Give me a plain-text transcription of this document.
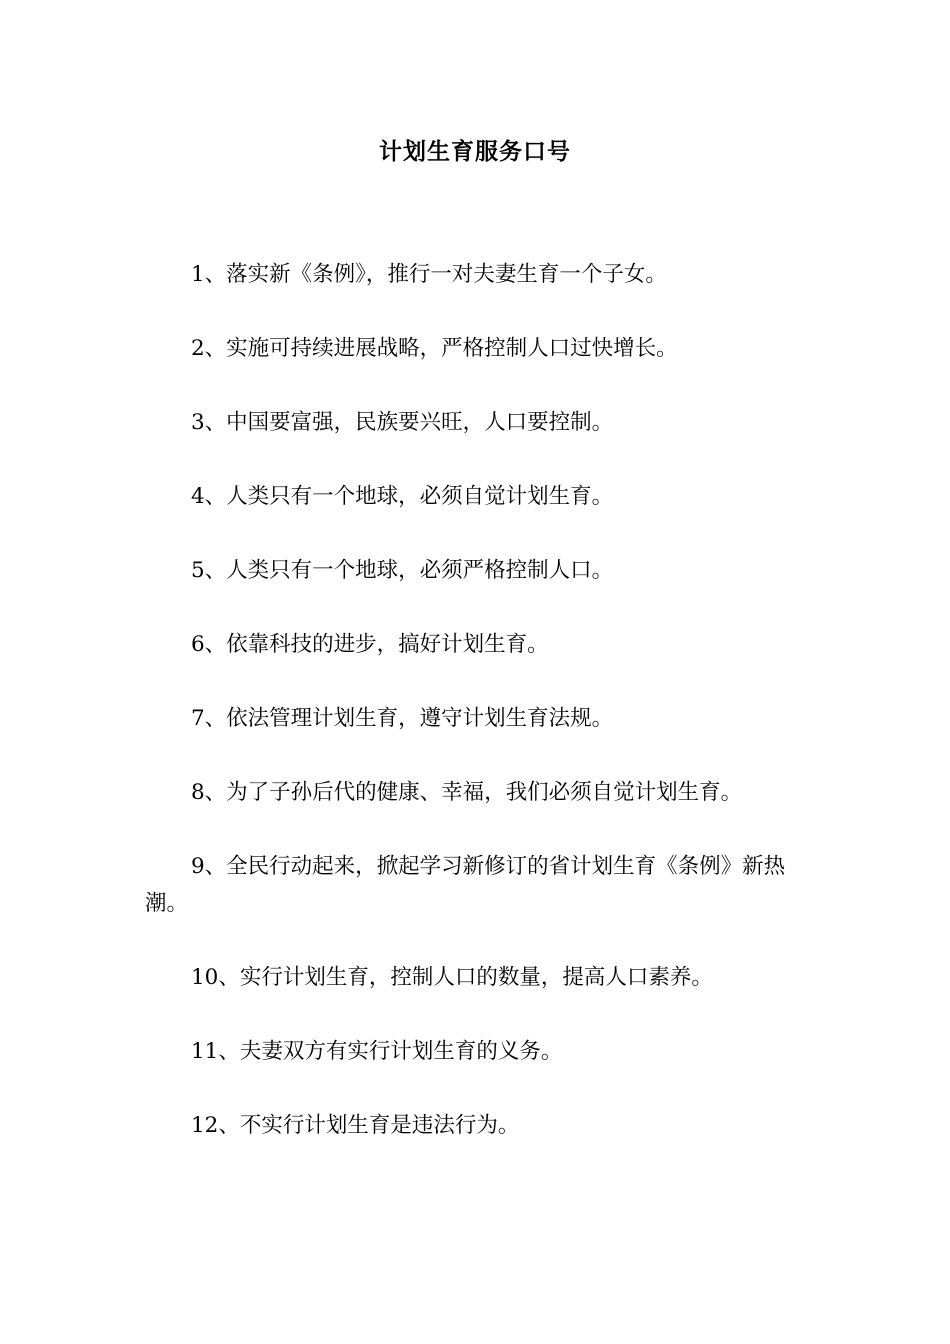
计划生育服务口号

1、落实新《条例》，推行一对夫妻生育一个子女。

2、实施可持续进展战略，严格控制人口过快增长。

3、中国要富强，民族要兴旺，人口要控制。

4、人类只有一个地球，必须自觉计划生育。

5、人类只有一个地球，必须严格控制人口。

6、依靠科技的进步，搞好计划生育。

7、依法管理计划生育，遵守计划生育法规。

8、为了子孙后代的健康、幸福，我们必须自觉计划生育。

9、全民行动起来，掀起学习新修订的省计划生育《条例》新热潮。

10、实行计划生育，控制人口的数量，提高人口素养。

11、夫妻双方有实行计划生育的义务。

12、不实行计划生育是违法行为。
